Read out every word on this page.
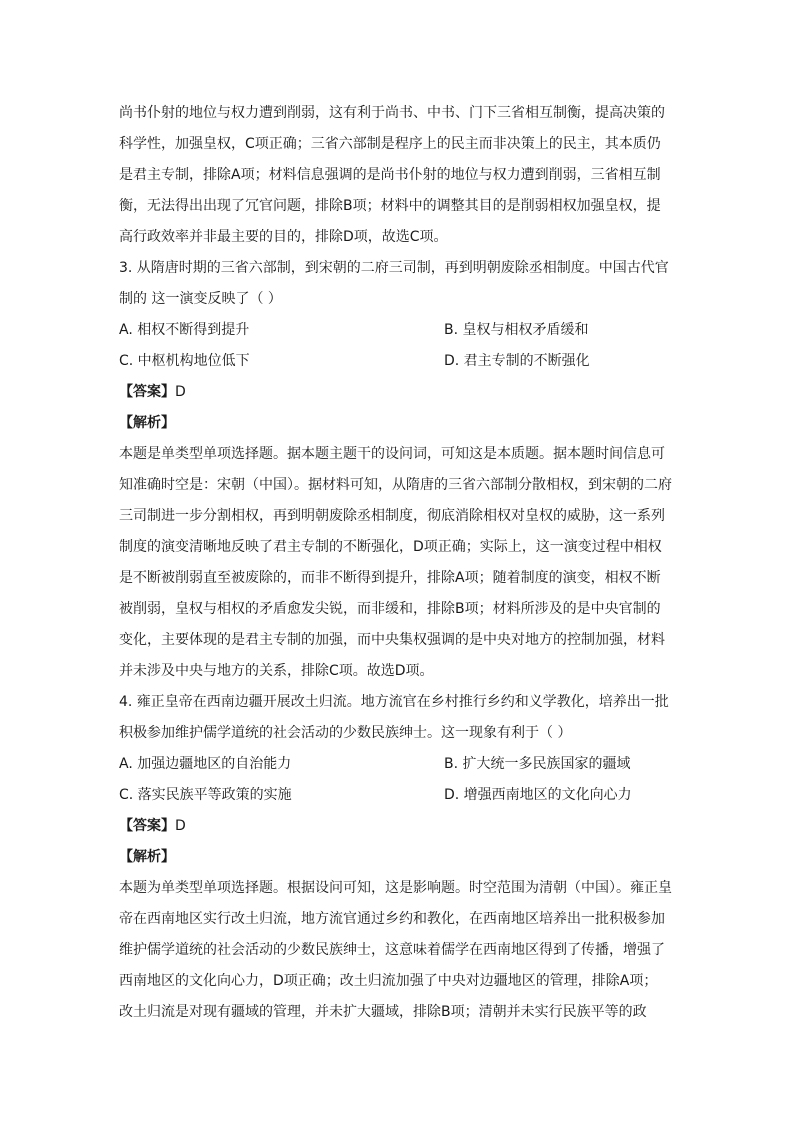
尚书仆射的地位与权力遭到削弱，这有利于尚书、中书、门下三省相互制衡，提高决策的
科学性，加强皇权，C项正确；三省六部制是程序上的民主而非决策上的民主，其本质仍
是君主专制，排除A项；材料信息强调的是尚书仆射的地位与权力遭到削弱，三省相互制
衡，无法得出出现了冗官问题，排除B项；材料中的调整其目的是削弱相权加强皇权，提
高行政效率并非最主要的目的，排除D项，故选C项。
3. 从隋唐时期的三省六部制，到宋朝的二府三司制，再到明朝废除丞相制度。中国古代官
制的 这一演变反映了（ ）
A. 相权不断得到提升	B. 皇权与相权矛盾缓和
C. 中枢机构地位低下	D. 君主专制的不断强化
【答案】D
【解析】
本题是单类型单项选择题。据本题主题干的设问词，可知这是本质题。据本题时间信息可
知准确时空是：宋朝（中国）。据材料可知，从隋唐的三省六部制分散相权，到宋朝的二府
三司制进一步分割相权，再到明朝废除丞相制度，彻底消除相权对皇权的威胁，这一系列
制度的演变清晰地反映了君主专制的不断强化，D项正确；实际上，这一演变过程中相权
是不断被削弱直至被废除的，而非不断得到提升，排除A项；随着制度的演变，相权不断
被削弱，皇权与相权的矛盾愈发尖锐，而非缓和，排除B项；材料所涉及的是中央官制的
变化，主要体现的是君主专制的加强，而中央集权强调的是中央对地方的控制加强，材料
并未涉及中央与地方的关系，排除C项。故选D项。
4. 雍正皇帝在西南边疆开展改土归流。地方流官在乡村推行乡约和义学教化，培养出一批
积极参加维护儒学道统的社会活动的少数民族绅士。这一现象有利于（ ）
A. 加强边疆地区的自治能力	B. 扩大统一多民族国家的疆域
C. 落实民族平等政策的实施	D. 增强西南地区的文化向心力
【答案】D
【解析】
本题为单类型单项选择题。根据设问可知，这是影响题。时空范围为清朝（中国）。雍正皇
帝在西南地区实行改土归流，地方流官通过乡约和教化，在西南地区培养出一批积极参加
维护儒学道统的社会活动的少数民族绅士，这意味着儒学在西南地区得到了传播，增强了
西南地区的文化向心力，D项正确；改土归流加强了中央对边疆地区的管理，排除A项；
改土归流是对现有疆域的管理，并未扩大疆域，排除B项；清朝并未实行民族平等的政
